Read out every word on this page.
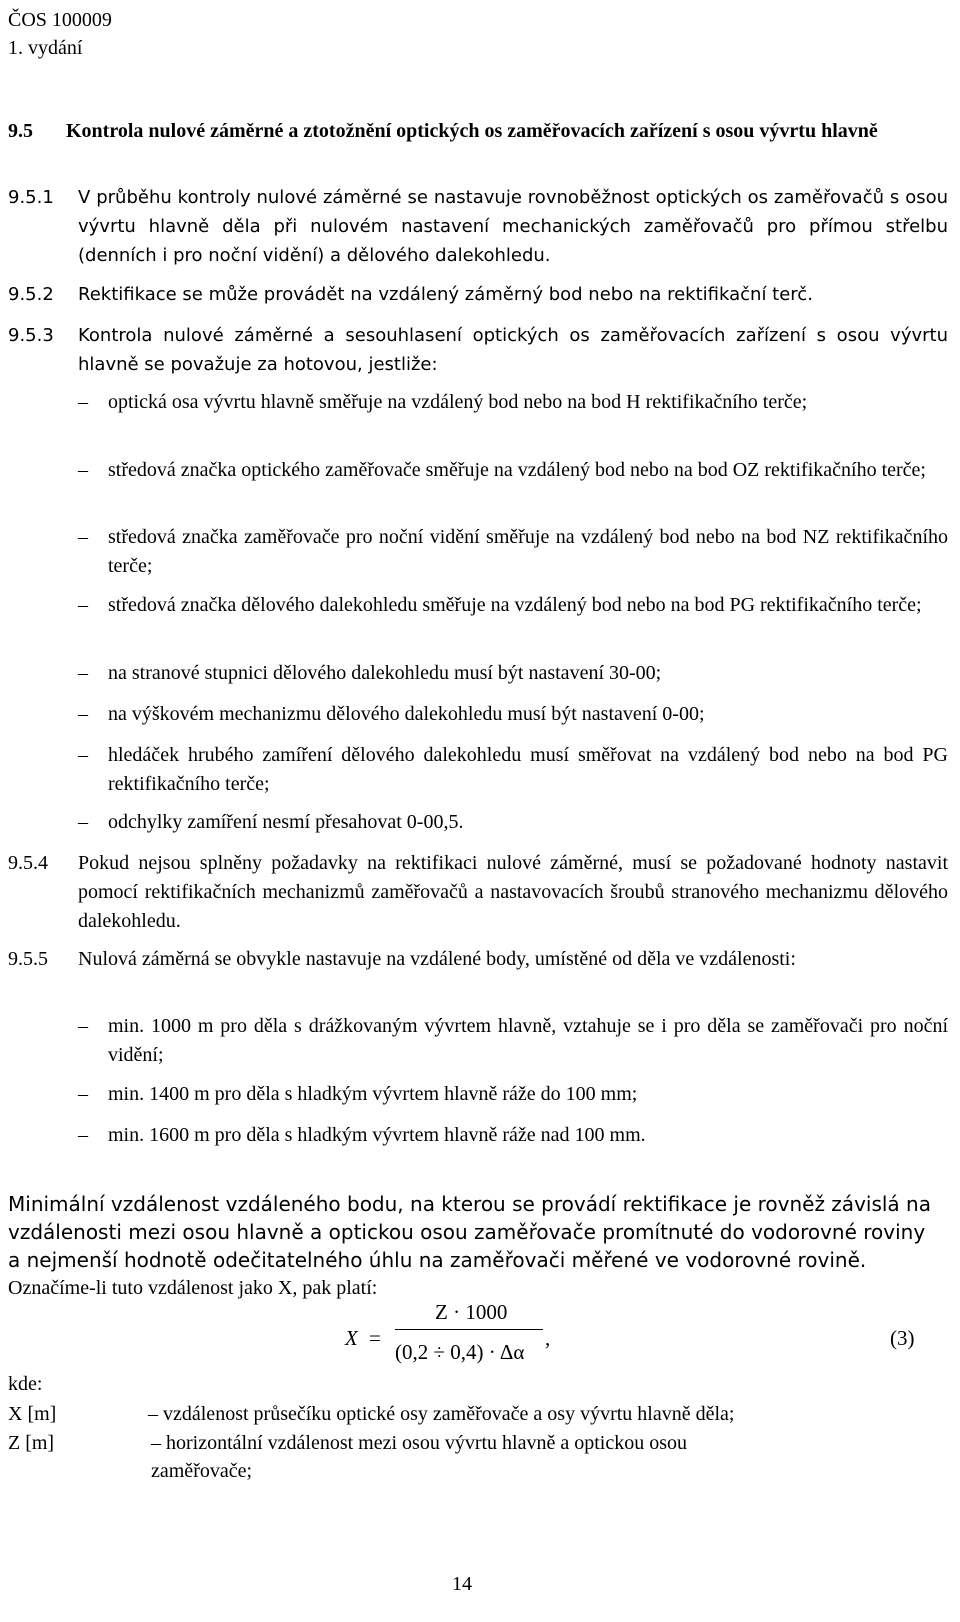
ČOS 100009
1. vydání
9.5 Kontrola nulové záměrné a ztotožnění optických os zaměřovacích zařízení s osou vývrtu hlavně
9.5.1 V průběhu kontroly nulové záměrné se nastavuje rovnoběžnost optických os zaměřovačů s osou vývrtu hlavně děla při nulovém nastavení mechanických zaměřovačů pro přímou střelbu (denních i pro noční vidění) a dělového dalekohledu.
9.5.2 Rektifikace se může provádět na vzdálený záměrný bod nebo na rektifikační terč.
9.5.3 Kontrola nulové záměrné a sesouhlasení optických os zaměřovacích zařízení s osou vývrtu hlavně se považuje za hotovou, jestliže:
– optická osa vývrtu hlavně směřuje na vzdálený bod nebo na bod H rektifikačního terče;
– středová značka optického zaměřovače směřuje na vzdálený bod nebo na bod OZ rektifikačního terče;
– středová značka zaměřovače pro noční vidění směřuje na vzdálený bod nebo na bod NZ rektifikačního terče;
– středová značka dělového dalekohledu směřuje na vzdálený bod nebo na bod PG rektifikačního terče;
– na stranové stupnici dělového dalekohledu musí být nastavení 30-00;
– na výškovém mechanizmu dělového dalekohledu musí být nastavení 0-00;
– hledáček hrubého zamíření dělového dalekohledu musí směřovat na vzdálený bod nebo na bod PG rektifikačního terče;
– odchylky zamíření nesmí přesahovat 0-00,5.
9.5.4 Pokud nejsou splněny požadavky na rektifikaci nulové záměrné, musí se požadované hodnoty nastavit pomocí rektifikačních mechanizmů zaměřovačů a nastavovacích šroubů stranového mechanizmu dělového dalekohledu.
9.5.5 Nulová záměrná se obvykle nastavuje na vzdálené body, umístěné od děla ve vzdálenosti:
– min. 1000 m pro děla s drážkovaným vývrtem hlavně, vztahuje se i pro děla se zaměřovači pro noční vidění;
– min. 1400 m pro děla s hladkým vývrtem hlavně ráže do 100 mm;
– min. 1600 m pro děla s hladkým vývrtem hlavně ráže nad 100 mm.
Minimální vzdálenost vzdáleného bodu, na kterou se provádí rektifikace je rovněž závislá na vzdálenosti mezi osou hlavně a optickou osou zaměřovače promítnuté do vodorovné roviny a nejmenší hodnotě odečitatelného úhlu na zaměřovači měřené ve vodorovné rovině.
Označíme-li tuto vzdálenost jako X, pak platí:
X =
Z · 1000
(0,2 ÷ 0,4) · Δα
,	(3)
kde:
X [m]	– vzdálenost průsečíku optické osy zaměřovače a osy vývrtu hlavně děla;
Z [m]	– horizontální vzdálenost mezi osou vývrtu hlavně a optickou osou zaměřovače;
14
